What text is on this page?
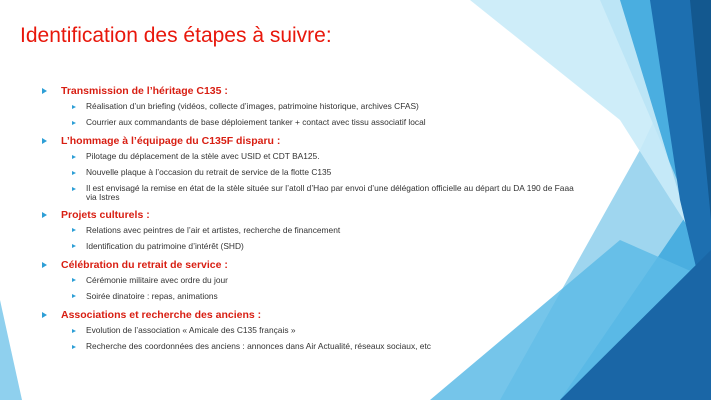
Identification des étapes à suivre:
Transmission de l’héritage C135 :
Réalisation d’un briefing (vidéos, collecte d’images, patrimoine historique, archives CFAS)
Courrier aux commandants de base déploiement tanker + contact avec tissu associatif local
L’hommage à l’équipage du C135F disparu :
Pilotage du déplacement de la stèle avec USID et CDT BA125.
Nouvelle plaque à l’occasion du retrait de service de la flotte C135
Il est envisagé la remise en état de la stèle située sur l’atoll d’Hao par envoi d’une délégation officielle au départ du DA 190 de Faaa via Istres
Projets culturels :
Relations avec peintres de l’air et artistes, recherche de financement
Identification du patrimoine d’intérêt (SHD)
Célébration du retrait de service :
Cérémonie militaire avec ordre du jour
Soirée dinatoire : repas, animations
Associations et recherche des anciens :
Evolution de l’association « Amicale des C135 français »
Recherche des coordonnées des anciens : annonces dans Air Actualité, réseaux sociaux, etc
